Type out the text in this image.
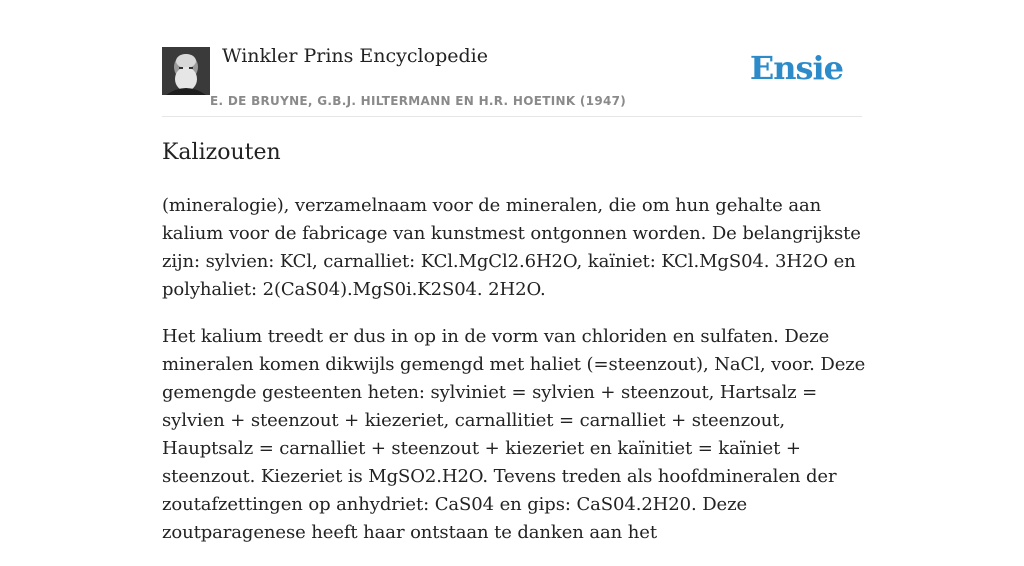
Winkler Prins Encyclopedie
E. DE BRUYNE, G.B.J. HILTERMANN EN H.R. HOETINK (1947)
Ensie
Kalizouten

(mineralogie), verzamelnaam voor de mineralen, die om hun gehalte aan kalium voor de fabricage van kunstmest ontgonnen worden. De belangrijkste zijn: sylvien: KCl, carnalliet: KCl.MgCl2.6H2O, kaïniet: KCl.MgS04. 3H2O en polyhaliet: 2(CaS04).MgS0i.K2S04. 2H2O.

Het kalium treedt er dus in op in de vorm van chloriden en sulfaten. Deze mineralen komen dikwijls gemengd met haliet (=steenzout), NaCl, voor. Deze gemengde gesteenten heten: sylviniet = sylvien + steenzout, Hartsalz = sylvien + steenzout + kiezeriet, carnallitiet = carnalliet + steenzout, Hauptsalz = carnalliet + steenzout + kiezeriet en kaïnitiet = kaïniet + steenzout. Kiezeriet is MgSO2.H2O. Tevens treden als hoofdmineralen der zoutafzettingen op anhydriet: CaS04 en gips: CaS04.2H20. Deze zoutparagenese heeft haar ontstaan te danken aan het
